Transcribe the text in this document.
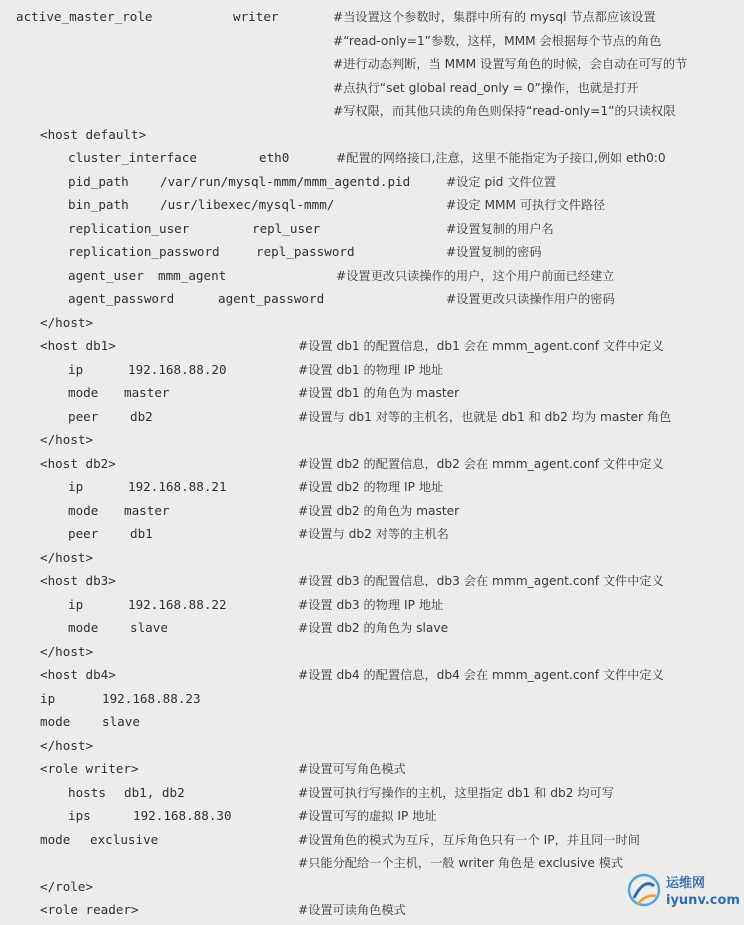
active_master_role	writer	#当设置这个参数时，集群中所有的 mysql 节点都应该设置
#“read-only=1”参数，这样，MMM 会根据每个节点的角色
#进行动态判断，当 MMM 设置写角色的时候，会自动在可写的节
#点执行“set global read_only = 0”操作，也就是打开
#写权限，而其他只读的角色则保持“read-only=1”的只读权限
<host default>
cluster_interface	eth0	#配置的网络接口,注意，这里不能指定为子接口,例如 eth0:0
pid_path /var/run/mysql-mmm/mmm_agentd.pid	#设定 pid 文件位置
bin_path /usr/libexec/mysql-mmm/	#设定 MMM 可执行文件路径
replication_user	repl_user	#设置复制的用户名
replication_password	repl_password	#设置复制的密码
agent_user mmm_agent	#设置更改只读操作的用户，这个用户前面已经建立
agent_password	agent_password	#设置更改只读操作用户的密码
</host>
<host db1>	#设置 db1 的配置信息，db1 会在 mmm_agent.conf 文件中定义
ip	192.168.88.20	#设置 db1 的物理 IP 地址
mode master	#设置 db1 的角色为 master
peer	db2	#设置与 db1 对等的主机名，也就是 db1 和 db2 均为 master 角色
</host>
<host db2>	#设置 db2 的配置信息，db2 会在 mmm_agent.conf 文件中定义
ip	192.168.88.21	#设置 db2 的物理 IP 地址
mode master	#设置 db2 的角色为 master
peer	db1	#设置与 db2 对等的主机名
</host>
<host db3>	#设置 db3 的配置信息，db3 会在 mmm_agent.conf 文件中定义
ip	192.168.88.22	#设置 db3 的物理 IP 地址
mode	slave	#设置 db2 的角色为 slave
</host>
<host db4>	#设置 db4 的配置信息，db4 会在 mmm_agent.conf 文件中定义
ip	192.168.88.23
mode	slave
</host>
<role writer>	#设置可写角色模式
hosts db1, db2	#设置可执行写操作的主机，这里指定 db1 和 db2 均可写
ips	192.168.88.30	#设置可写的虚拟 IP 地址
mode exclusive	#设置角色的模式为互斥，互斥角色只有一个 IP，并且同一时间
#只能分配给一个主机，一般 writer 角色是 exclusive 模式
</role>
<role reader>	#设置可读角色模式
运维网
iyunv.com
